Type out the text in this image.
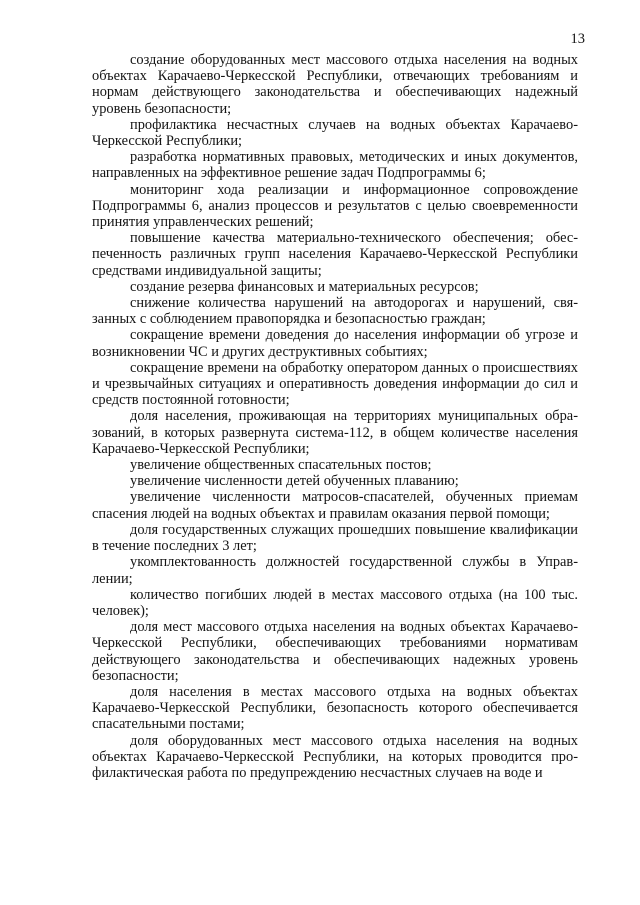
13

создание оборудованных мест массового отдыха населения на водных объектах Карачаево-Черкесской Республики, отвечающих требованиям и нормам действующего законодательства и обеспечивающих надежный уровень безопасности;

профилактика несчастных случаев на водных объектах Карачаево-Черкесской Республики;

разработка нормативных правовых, методических и иных документов, направленных на эффективное решение задач Подпрограммы 6;

мониторинг хода реализации и информационное сопровождение Подпрограммы 6, анализ процессов и результатов с целью своевременности принятия управленческих решений;

повышение качества материально-технического обеспечения; обеспеченность различных групп населения Карачаево-Черкесской Республики средствами индивидуальной защиты;

создание резерва финансовых и материальных ресурсов;

снижение количества нарушений на автодорогах и нарушений, связанных с соблюдением правопорядка и безопасностью граждан;

сокращение времени доведения до населения информации об угрозе и возникновении ЧС и других деструктивных событиях;

сокращение времени на обработку оператором данных о происшествиях и чрезвычайных ситуациях и оперативность доведения информации до сил и средств постоянной готовности;

доля населения, проживающая на территориях муниципальных образований, в которых развернута система-112, в общем количестве населения Карачаево-Черкесской Республики;

увеличение общественных спасательных постов;

увеличение численности детей обученных плаванию;

увеличение численности матросов-спасателей, обученных приемам спасения людей на водных объектах и правилам оказания первой помощи;

доля государственных служащих прошедших повышение квалификации в течение последних 3 лет;

укомплектованность должностей государственной службы в Управлении;

количество погибших людей в местах массового отдыха (на 100 тыс. человек);

доля мест массового отдыха населения на водных объектах Карачаево-Черкесской Республики, обеспечивающих требованиями нормативам действующего законодательства и обеспечивающих надежных уровень безопасности;

доля населения в местах массового отдыха на водных объектах Карачаево-Черкесской Республики, безопасность которого обеспечивается спасательными постами;

доля оборудованных мест массового отдыха населения на водных объектах Карачаево-Черкесской Республики, на которых проводится профилактическая работа по предупреждению несчастных случаев на воде и
